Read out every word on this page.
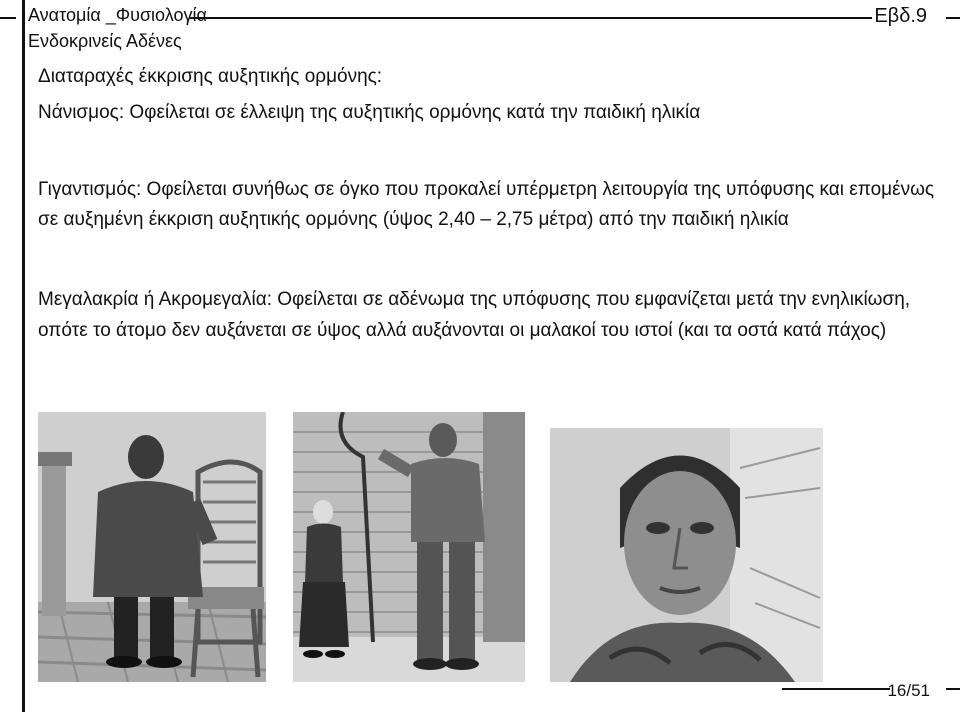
Ανατομία _Φυσιολογία
Ενδοκρινείς Αδένες
Εβδ.9
Διαταραχές έκκρισης αυξητικής ορμόνης:
Νάνισμος: Οφείλεται σε έλλειψη της αυξητικής ορμόνης κατά την παιδική ηλικία
Γιγαντισμός: Οφείλεται συνήθως σε όγκο που προκαλεί υπέρμετρη λειτουργία της υπόφυσης και επομένως σε αυξημένη έκκριση αυξητικής ορμόνης (ύψος 2,40 – 2,75 μέτρα) από την παιδική ηλικία
Μεγαλακρία ή Ακρομεγαλία: Οφείλεται σε αδένωμα της υπόφυσης που εμφανίζεται μετά την ενηλικίωση, οπότε το άτομο δεν αυξάνεται σε ύψος αλλά αυξάνονται οι μαλακοί του ιστοί (και τα οστά κατά πάχος)
16/51
